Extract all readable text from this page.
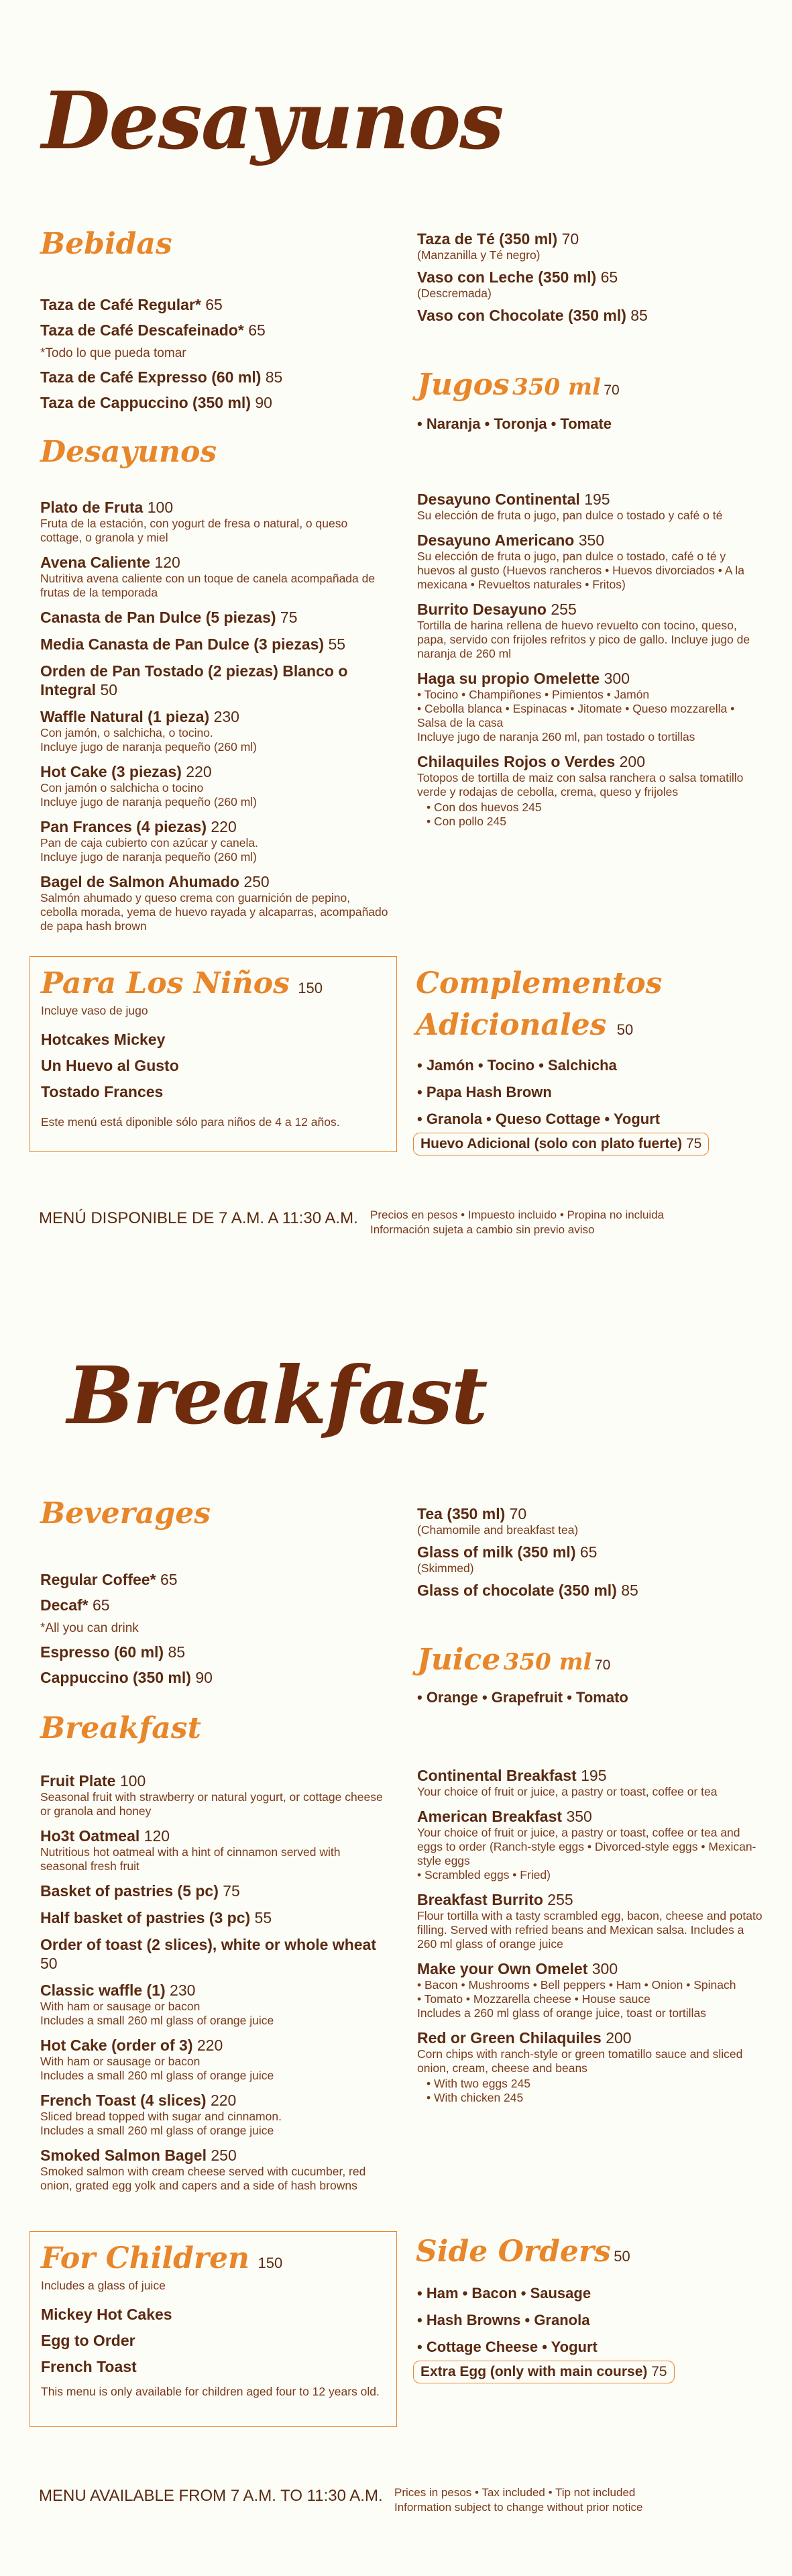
Desayunos
Bebidas
Taza de Café Regular* 65
Taza de Café Descafeinado* 65
*Todo lo que pueda tomar
Taza de Café Expresso (60 ml) 85
Taza de Cappuccino (350 ml) 90
Taza de Té (350 ml) 70
(Manzanilla y Té negro)
Vaso con Leche (350 ml) 65
(Descremada)
Vaso con Chocolate (350 ml) 85
Jugos 350 ml 70
• Naranja • Toronja • Tomate
Desayunos
Plato de Fruta 100
Fruta de la estación, con yogurt de fresa o natural, o queso cottage, o granola y miel
Avena Caliente 120
Nutritiva avena caliente con un toque de canela acompañada de frutas de la temporada
Canasta de Pan Dulce (5 piezas) 75
Media Canasta de Pan Dulce (3 piezas) 55
Orden de Pan Tostado (2 piezas) Blanco o Integral 50
Waffle Natural (1 pieza) 230
Con jamón, o salchicha, o tocino.
Incluye jugo de naranja pequeño (260 ml)
Hot Cake (3 piezas) 220
Con jamón o salchicha o tocino
Incluye jugo de naranja pequeño (260 ml)
Pan Frances (4 piezas) 220
Pan de caja cubierto con azúcar y canela.
Incluye jugo de naranja pequeño (260 ml)
Bagel de Salmon Ahumado 250
Salmón ahumado y queso crema con guarnición de pepino, cebolla morada, yema de huevo rayada y alcaparras, acompañado de papa hash brown
Desayuno Continental 195
Su elección de fruta o jugo, pan dulce o tostado y café o té
Desayuno Americano 350
Su elección de fruta o jugo, pan dulce o tostado, café o té y huevos al gusto (Huevos rancheros • Huevos divorciados • A la mexicana • Revueltos naturales • Fritos)
Burrito Desayuno 255
Tortilla de harina rellena de huevo revuelto con tocino, queso, papa, servido con frijoles refritos y pico de gallo. Incluye jugo de naranja de 260 ml
Haga su propio Omelette 300
• Tocino • Champiñones • Pimientos • Jamón
• Cebolla blanca • Espinacas • Jitomate • Queso mozzarella • Salsa de la casa
Incluye jugo de naranja 260 ml, pan tostado o tortillas
Chilaquiles Rojos o Verdes 200
Totopos de tortilla de maiz con salsa ranchera o salsa tomatillo verde y rodajas de cebolla, crema, queso y frijoles
• Con dos huevos 245
• Con pollo 245
Para Los Niños 150
Incluye vaso de jugo
Hotcakes Mickey
Un Huevo al Gusto
Tostado Frances
Este menú está diponible sólo para niños de 4 a 12 años.
Complementos
Adicionales 50
• Jamón • Tocino • Salchicha
• Papa Hash Brown
• Granola • Queso Cottage • Yogurt
Huevo Adicional (solo con plato fuerte) 75
MENÚ DISPONIBLE DE 7 A.M. A 11:30 A.M. Precios en pesos • Impuesto incluido • Propina no incluida
Información sujeta a cambio sin previo aviso
Breakfast
Beverages
Regular Coffee* 65
Decaf* 65
*All you can drink
Espresso (60 ml) 85
Cappuccino (350 ml) 90
Tea (350 ml) 70
(Chamomile and breakfast tea)
Glass of milk (350 ml) 65
(Skimmed)
Glass of chocolate (350 ml) 85
Juice 350 ml 70
• Orange • Grapefruit • Tomato
Breakfast
Fruit Plate 100
Seasonal fruit with strawberry or natural yogurt, or cottage cheese or granola and honey
Ho3t Oatmeal 120
Nutritious hot oatmeal with a hint of cinnamon served with seasonal fresh fruit
Basket of pastries (5 pc) 75
Half basket of pastries (3 pc) 55
Order of toast (2 slices), white or whole wheat 50
Classic waffle (1) 230
With ham or sausage or bacon
Includes a small 260 ml glass of orange juice
Hot Cake (order of 3) 220
With ham or sausage or bacon
Includes a small 260 ml glass of orange juice
French Toast (4 slices) 220
Sliced bread topped with sugar and cinnamon.
Includes a small 260 ml glass of orange juice
Smoked Salmon Bagel 250
Smoked salmon with cream cheese served with cucumber, red onion, grated egg yolk and capers and a side of hash browns
Continental Breakfast 195
Your choice of fruit or juice, a pastry or toast, coffee or tea
American Breakfast 350
Your choice of fruit or juice, a pastry or toast, coffee or tea and eggs to order (Ranch-style eggs • Divorced-style eggs • Mexican-style eggs
• Scrambled eggs • Fried)
Breakfast Burrito 255
Flour tortilla with a tasty scrambled egg, bacon, cheese and potato filling. Served with refried beans and Mexican salsa. Includes a 260 ml glass of orange juice
Make your Own Omelet 300
• Bacon • Mushrooms • Bell peppers • Ham • Onion • Spinach
• Tomato • Mozzarella cheese • House sauce
Includes a 260 ml glass of orange juice, toast or tortillas
Red or Green Chilaquiles 200
Corn chips with ranch-style or green tomatillo sauce and sliced onion, cream, cheese and beans
• With two eggs 245
• With chicken 245
For Children 150
Includes a glass of juice
Mickey Hot Cakes
Egg to Order
French Toast
This menu is only available for children aged four to 12 years old.
Side Orders 50
• Ham • Bacon • Sausage
• Hash Browns • Granola
• Cottage Cheese • Yogurt
Extra Egg (only with main course) 75
MENU AVAILABLE FROM 7 A.M. TO 11:30 A.M. Prices in pesos • Tax included • Tip not included
Information subject to change without prior notice
